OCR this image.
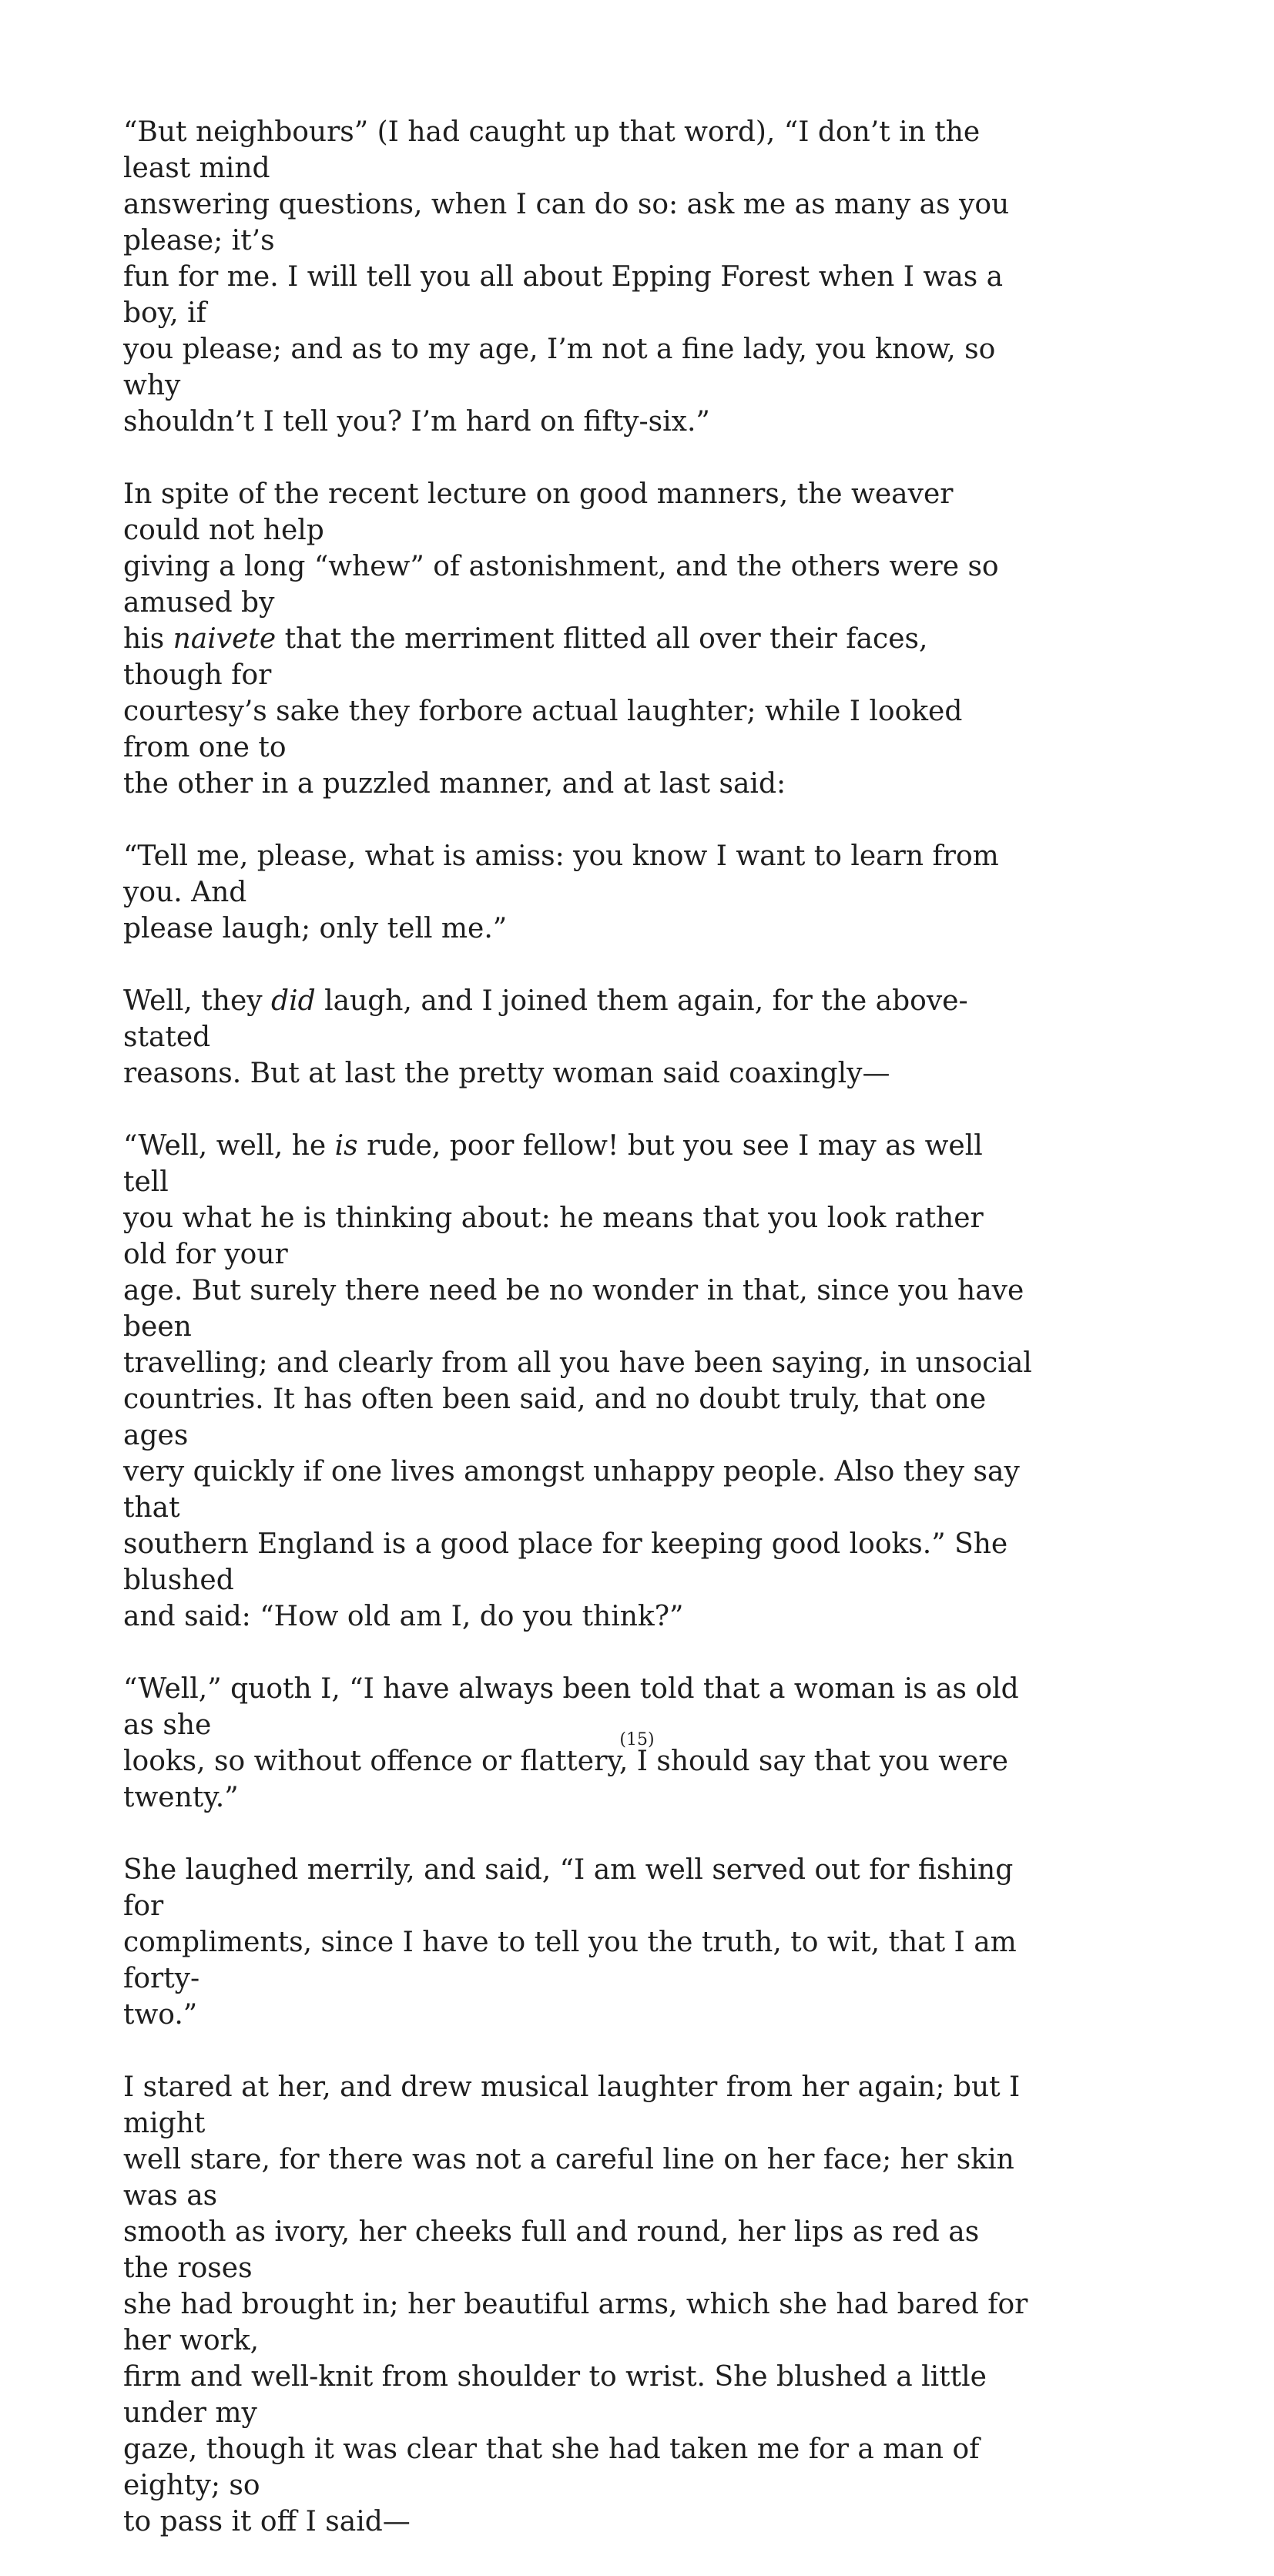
“But neighbours” (I had caught up that word), “I don’t in the least mind
answering questions, when I can do so: ask me as many as you please; it’s
fun for me. I will tell you all about Epping Forest when I was a boy, if
you please; and as to my age, I’m not a fine lady, you know, so why
shouldn’t I tell you? I’m hard on fifty-six.”

In spite of the recent lecture on good manners, the weaver could not help
giving a long “whew” of astonishment, and the others were so amused by
his naivete that the merriment flitted all over their faces, though for
courtesy’s sake they forbore actual laughter; while I looked from one to
the other in a puzzled manner, and at last said:

“Tell me, please, what is amiss: you know I want to learn from you. And
please laugh; only tell me.”

Well, they did laugh, and I joined them again, for the above-stated
reasons. But at last the pretty woman said coaxingly—

“Well, well, he is rude, poor fellow! but you see I may as well tell
you what he is thinking about: he means that you look rather old for your
age. But surely there need be no wonder in that, since you have been
travelling; and clearly from all you have been saying, in unsocial
countries. It has often been said, and no doubt truly, that one ages
very quickly if one lives amongst unhappy people. Also they say that
southern England is a good place for keeping good looks.” She blushed
and said: “How old am I, do you think?”

“Well,” quoth I, “I have always been told that a woman is as old as she
looks, so without offence or flattery, I should say that you were
twenty.”

She laughed merrily, and said, “I am well served out for fishing for
compliments, since I have to tell you the truth, to wit, that I am forty-
two.”

I stared at her, and drew musical laughter from her again; but I might
well stare, for there was not a careful line on her face; her skin was as
smooth as ivory, her cheeks full and round, her lips as red as the roses
she had brought in; her beautiful arms, which she had bared for her work,
firm and well-knit from shoulder to wrist. She blushed a little under my
gaze, though it was clear that she had taken me for a man of eighty; so
to pass it off I said—

(15)
